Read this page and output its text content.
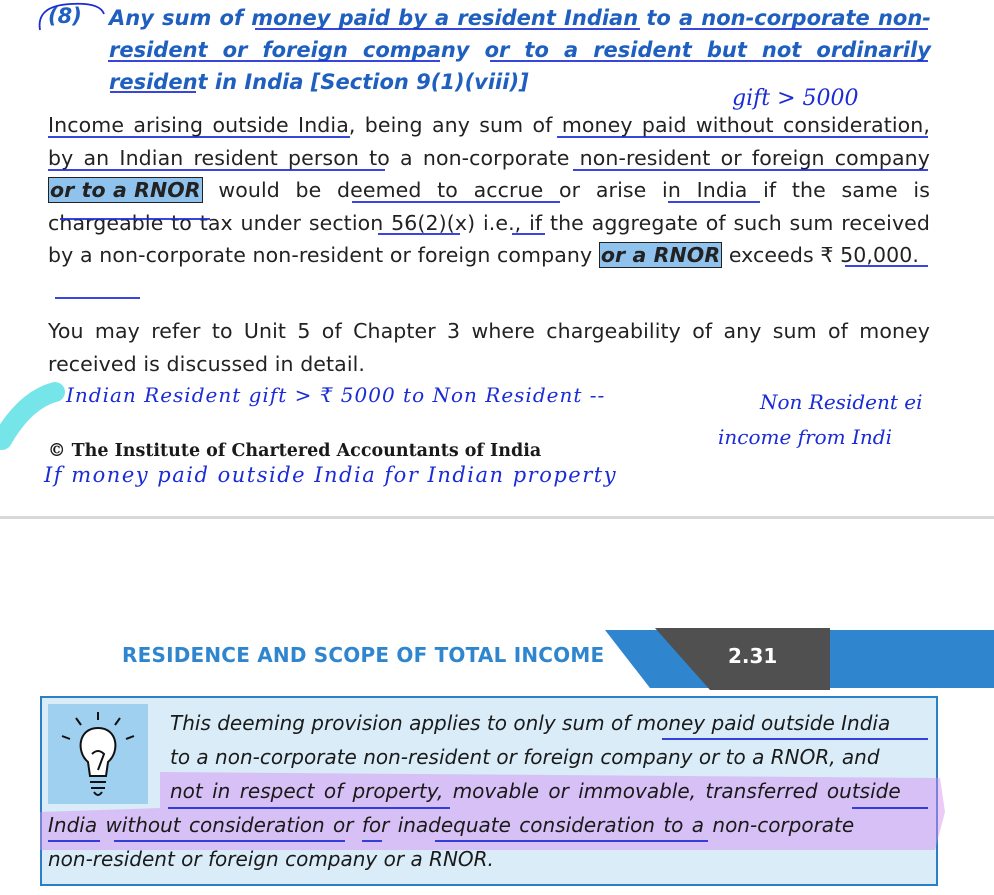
(8) Any sum of money paid by a resident Indian to a non-corporate non-resident or foreign company or to a resident but not ordinarily resident in India [Section 9(1)(viii)]
Income arising outside India, being any sum of money paid without consideration, by an Indian resident person to a non-corporate non-resident or foreign company or to a RNOR would be deemed to accrue or arise in India if the same is chargeable to tax under section 56(2)(x) i.e., if the aggregate of such sum received by a non-corporate non-resident or foreign company or a RNOR exceeds ₹ 50,000.
You may refer to Unit 5 of Chapter 3 where chargeability of any sum of money received is discussed in detail.
© The Institute of Chartered Accountants of India
gift > 5000
Indian Resident gift > ₹ 5000 to Non Resident --	Non Resident ei
income from Indi
If money paid outside India for Indian property
RESIDENCE AND SCOPE OF TOTAL INCOME	2.31
This deeming provision applies to only sum of money paid outside India
to a non-corporate non-resident or foreign company or to a RNOR, and
not in respect of property, movable or immovable, transferred outside
India without consideration or for inadequate consideration to a non-corporate
non-resident or foreign company or a RNOR.
